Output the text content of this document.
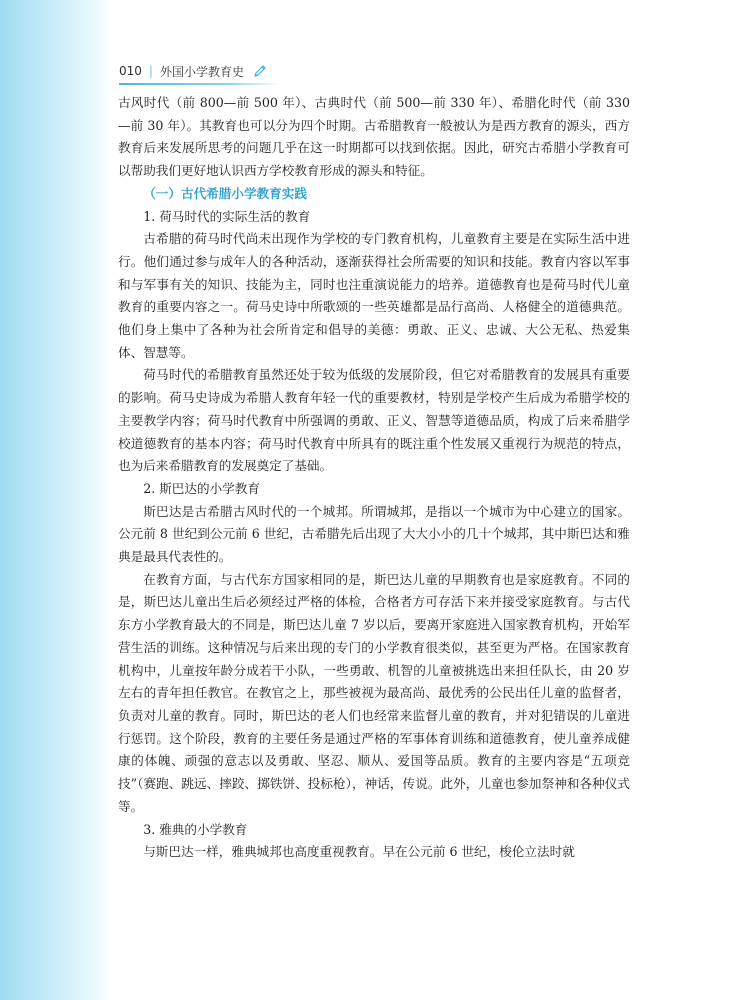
010 | 外国小学教育史

古风时代（前 800—前 500 年）、古典时代（前 500—前 330 年）、希腊化时代（前 330—前 30 年）。其教育也可以分为四个时期。古希腊教育一般被认为是西方教育的源头，西方教育后来发展所思考的问题几乎在这一时期都可以找到依据。因此，研究古希腊小学教育可以帮助我们更好地认识西方学校教育形成的源头和特征。

（一）古代希腊小学教育实践

1. 荷马时代的实际生活的教育

古希腊的荷马时代尚未出现作为学校的专门教育机构，儿童教育主要是在实际生活中进行。他们通过参与成年人的各种活动，逐渐获得社会所需要的知识和技能。教育内容以军事和与军事有关的知识、技能为主，同时也注重演说能力的培养。道德教育也是荷马时代儿童教育的重要内容之一。荷马史诗中所歌颂的一些英雄都是品行高尚、人格健全的道德典范。他们身上集中了各种为社会所肯定和倡导的美德：勇敢、正义、忠诚、大公无私、热爱集体、智慧等。

荷马时代的希腊教育虽然还处于较为低级的发展阶段，但它对希腊教育的发展具有重要的影响。荷马史诗成为希腊人教育年轻一代的重要教材，特别是学校产生后成为希腊学校的主要教学内容；荷马时代教育中所强调的勇敢、正义、智慧等道德品质，构成了后来希腊学校道德教育的基本内容；荷马时代教育中所具有的既注重个性发展又重视行为规范的特点，也为后来希腊教育的发展奠定了基础。

2. 斯巴达的小学教育

斯巴达是古希腊古风时代的一个城邦。所谓城邦，是指以一个城市为中心建立的国家。公元前 8 世纪到公元前 6 世纪，古希腊先后出现了大大小小的几十个城邦，其中斯巴达和雅典是最具代表性的。

在教育方面，与古代东方国家相同的是，斯巴达儿童的早期教育也是家庭教育。不同的是，斯巴达儿童出生后必须经过严格的体检，合格者方可存活下来并接受家庭教育。与古代东方小学教育最大的不同是，斯巴达儿童 7 岁以后，要离开家庭进入国家教育机构，开始军营生活的训练。这种情况与后来出现的专门的小学教育很类似，甚至更为严格。在国家教育机构中，儿童按年龄分成若干小队，一些勇敢、机智的儿童被挑选出来担任队长，由 20 岁左右的青年担任教官。在教官之上，那些被视为最高尚、最优秀的公民出任儿童的监督者，负责对儿童的教育。同时，斯巴达的老人们也经常来监督儿童的教育，并对犯错误的儿童进行惩罚。这个阶段，教育的主要任务是通过严格的军事体育训练和道德教育，使儿童养成健康的体魄、顽强的意志以及勇敢、坚忍、顺从、爱国等品质。教育的主要内容是“五项竞技”（赛跑、跳远、摔跤、掷铁饼、投标枪），神话，传说。此外，儿童也参加祭神和各种仪式等。

3. 雅典的小学教育

与斯巴达一样，雅典城邦也高度重视教育。早在公元前 6 世纪，梭伦立法时就
